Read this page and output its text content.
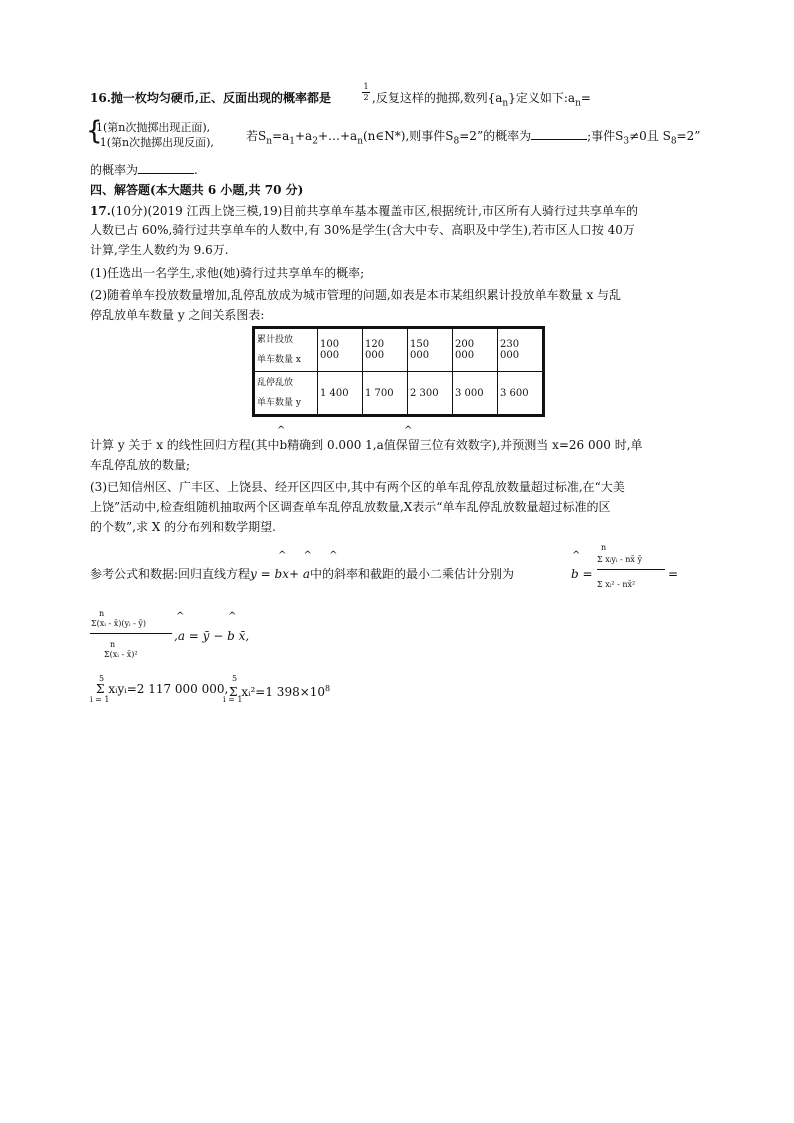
16.抛一枚均匀硬币,正、反面出现的概率都是	$\frac{1}{2}$ ,反复这样的抛掷,数列$\{a_n\}$定义如下$:a_n=$
{
1(第n次抛掷出现正面),
-1(第n次抛掷出现反面),	若$S_n=a_1+a_2+\dots+a_n(n\in N*)$,则事件$S_8=2$”的概率为	;事件$S_3\ne 0$且 $S_8=2$”
的概率为	.
四、解答题(本大题共 6 小题,共 70 分)
17.(10分)(2019 江西上饶三模,19)目前共享单车基本覆盖市区,根据统计,市区所有人骑行过共享单车的
人数已占 60%,骑行过共享单车的人数中,有 30%是学生(含大中专、高职及中学生),若市区人口按 40万
计算,学生人数约为 9.6万.
(1)任选出一名学生,求他(她)骑行过共享单车的概率;
(2)随着单车投放数量增加,乱停乱放成为城市管理的问题,如表是本市某组织累计投放单车数量 x 与乱
停乱放单车数量 y 之间关系图表:
累计投放
单车数量 x	100 000	120 000	150 000	200 000	230 000

乱停乱放
单车数量 y	1 400	1 700	2 300	3 000	3 600
^	^
计算 y 关于 x 的线性回归方程(其中b精确到 0.000 1,a值保留三位有效数字),并预测当 x=26 000 时,单
车乱停乱放的数量;
(3)已知信州区、广丰区、上饶县、经开区四区中,其中有两个区的单车乱停乱放数量超过标准,在“大美
上饶”活动中,检查组随机抽取两个区调查单车乱停乱放数量,X表示“单车乱停乱放数量超过标准的区
的个数”,求 X 的分布列和数学期望.
^ ^ ^
参考公式和数据:回归直线方程y = bx+ a中的斜率和截距的最小二乘估计分别为
^
b =
n
Σ xᵢyᵢ - nx̄ ȳ
Σ xᵢ² - nx̄²
=
n
Σ(xᵢ - x̄)(yᵢ - ȳ)
^
n
Σ(xᵢ - x̄)²
^
,a = ȳ − b x̄,
5
Σ xᵢyᵢ=2 117 000 000,
i = 1
5
Σ xᵢ²=1 $398\times 10^8$
i = 1
